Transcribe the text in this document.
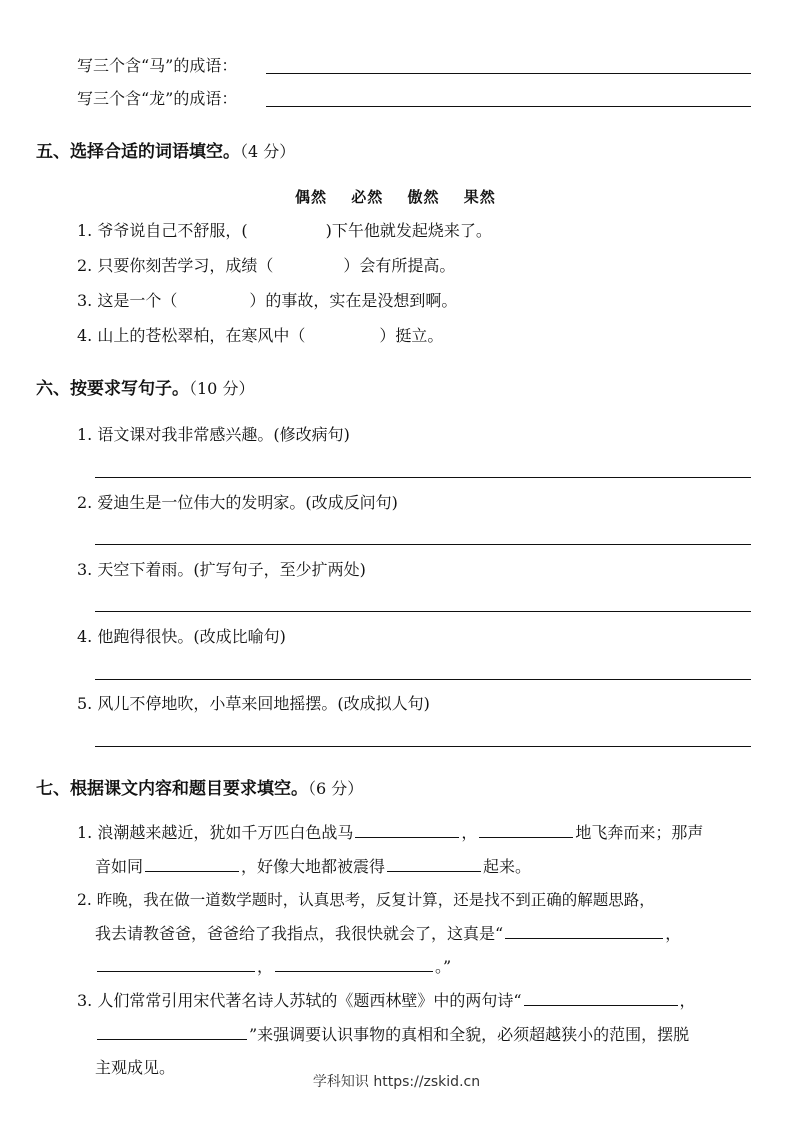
写三个含“马”的成语：
写三个含“龙”的成语：
五、选择合适的词语填空。（4 分）
偶然 必然 傲然 果然
1. 爷爷说自己不舒服，(	)下午他就发起烧来了。
2. 只要你刻苦学习，成绩（	）会有所提高。
3. 这是一个（	）的事故，实在是没想到啊。
4. 山上的苍松翠柏，在寒风中（	）挺立。
六、按要求写句子。（10 分）
1. 语文课对我非常感兴趣。(修改病句)
2. 爱迪生是一位伟大的发明家。(改成反问句)
3. 天空下着雨。(扩写句子，至少扩两处)
4. 他跑得很快。(改成比喻句)
5. 风儿不停地吹，小草来回地摇摆。(改成拟人句)
七、根据课文内容和题目要求填空。（6 分）
1. 浪潮越来越近，犹如千万匹白色战马	，	地飞奔而来；那声
音如同	，好像大地都被震得	起来。
2. 昨晚，我在做一道数学题时，认真思考，反复计算，还是找不到正确的解题思路，
我去请教爸爸，爸爸给了我指点，我很快就会了，这真是“	，
，	。”
3. 人们常常引用宋代著名诗人苏轼的《题西林壁》中的两句诗“	，
”来强调要认识事物的真相和全貌，必须超越狭小的范围，摆脱
主观成见。
学科知识 https://zskid.cn
